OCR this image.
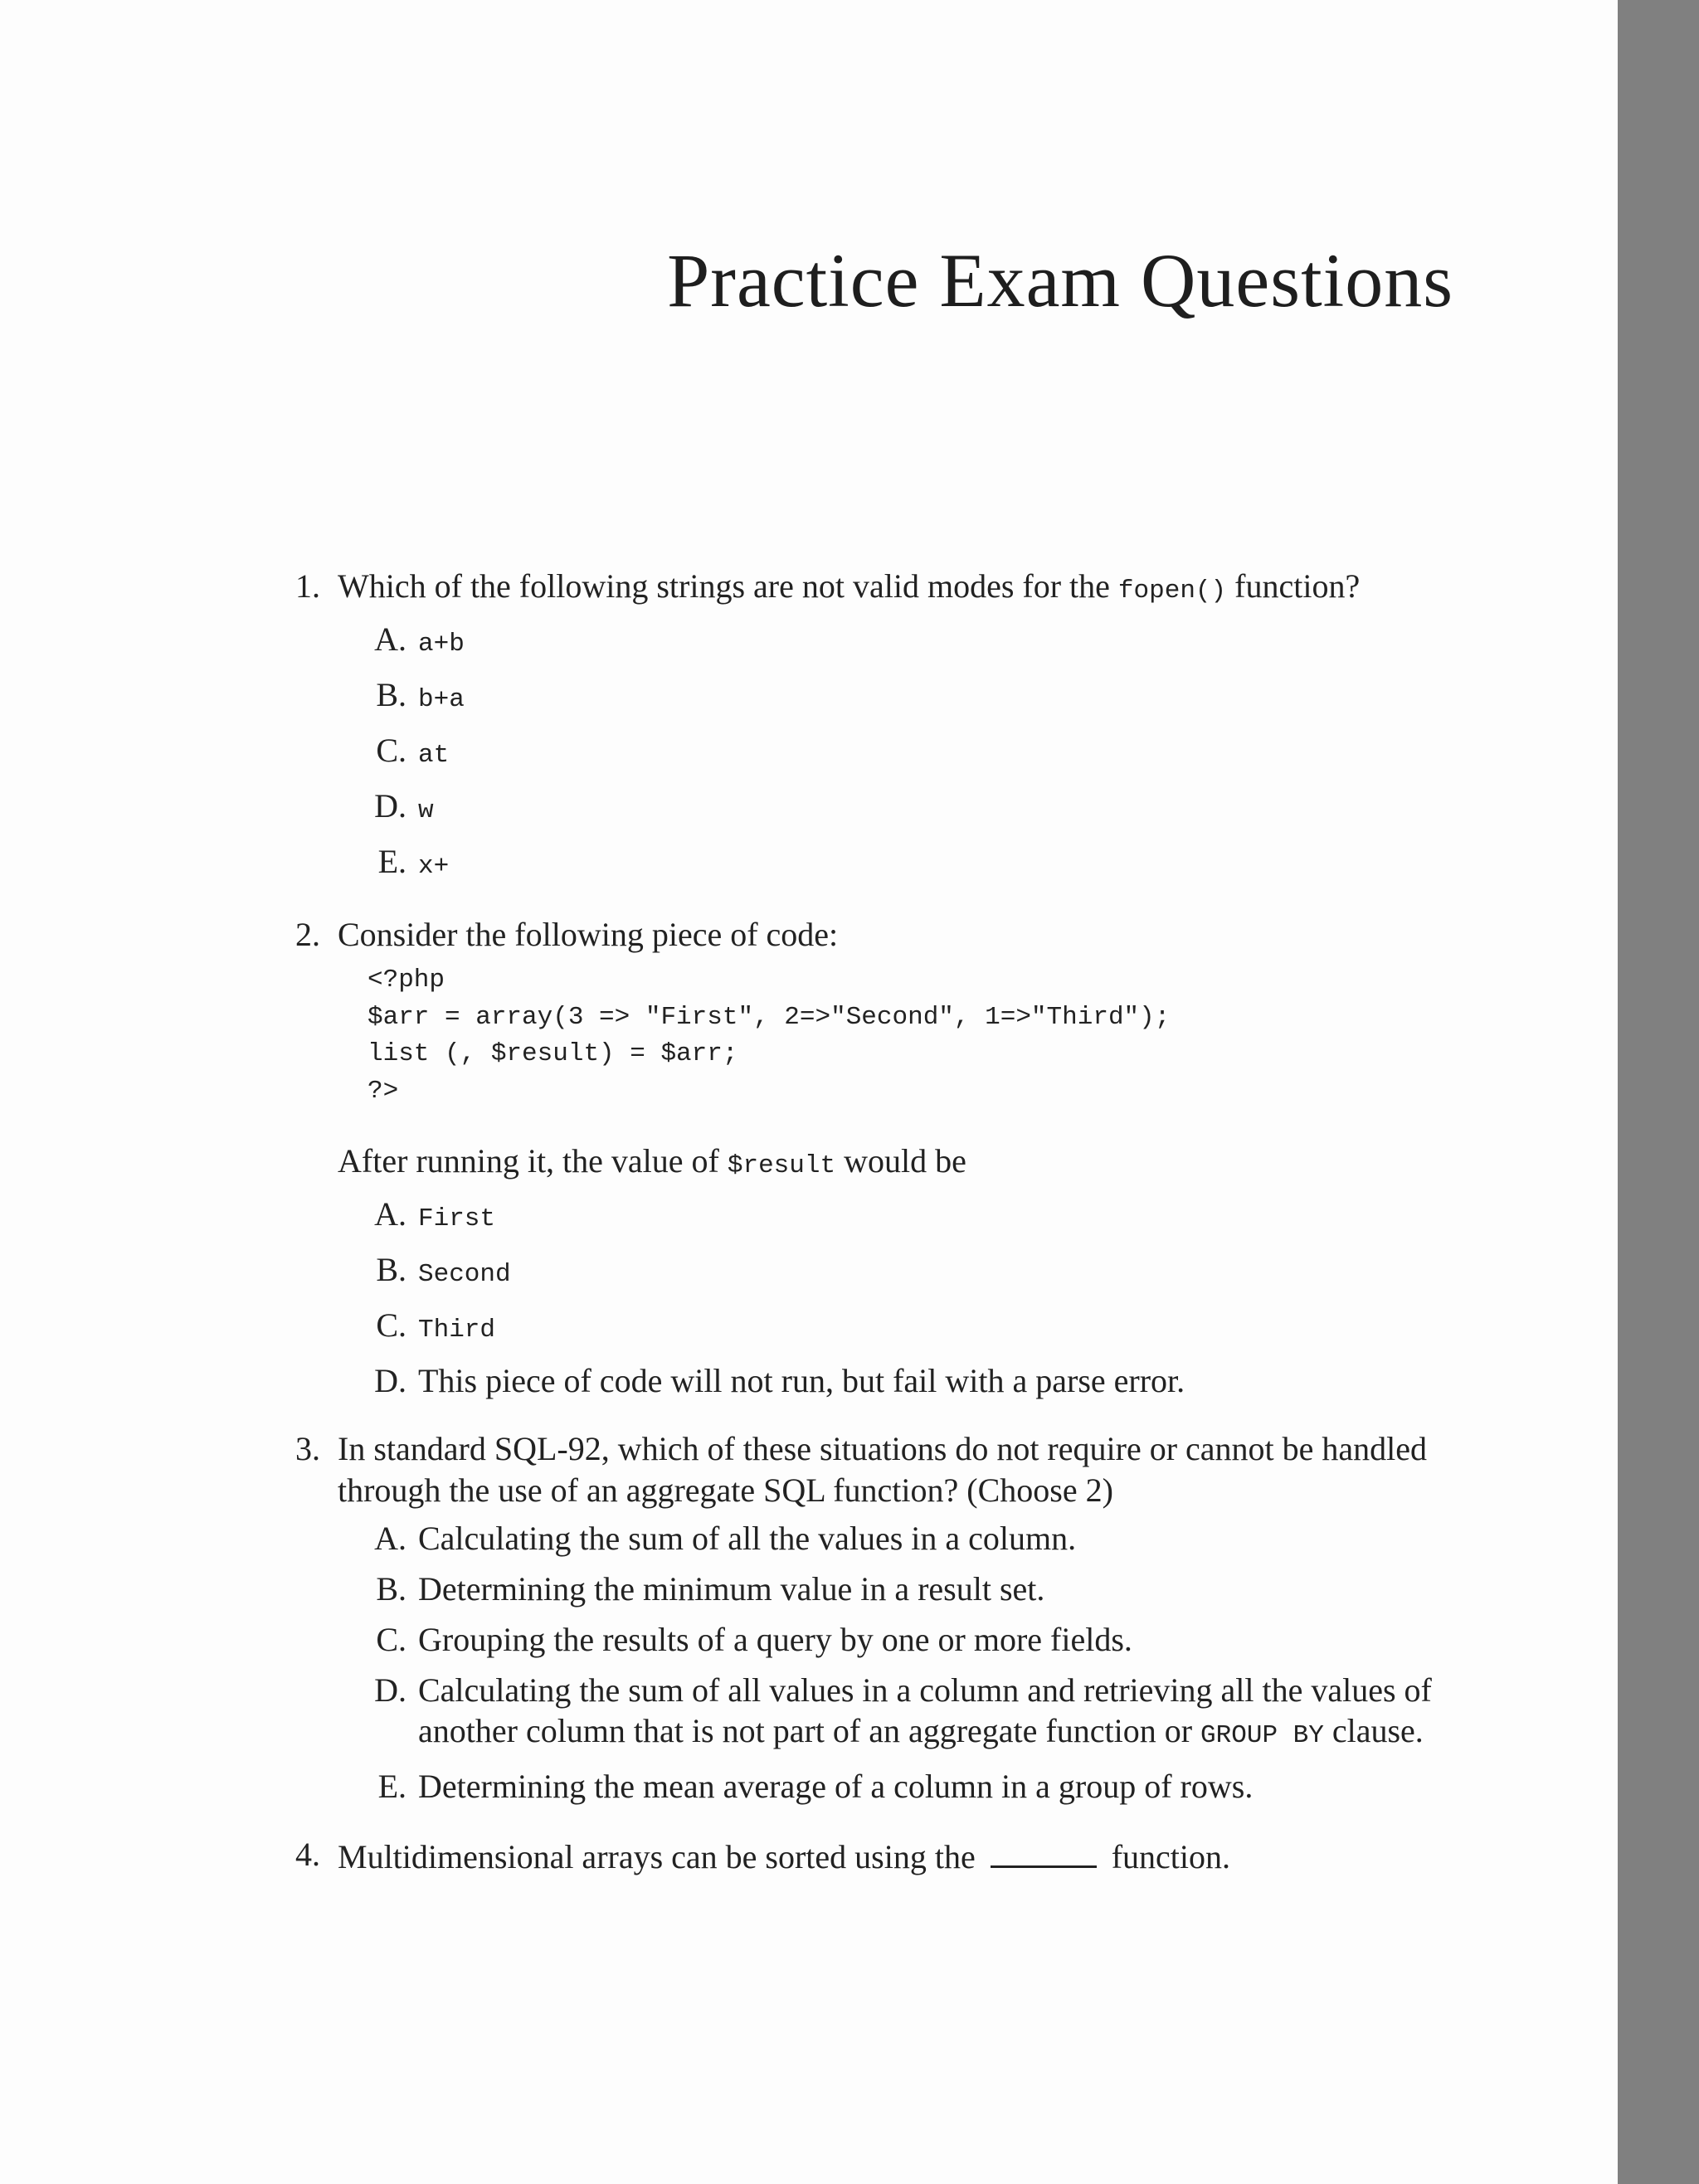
Practice Exam Questions
1. Which of the following strings are not valid modes for the fopen() function?
A. a+b
B. b+a
C. at
D. w
E. x+
2. Consider the following piece of code:
<?php
$arr = array(3 => "First", 2=>"Second", 1=>"Third");
list (, $result) = $arr;
?>
After running it, the value of $result would be
A. First
B. Second
C. Third
D. This piece of code will not run, but fail with a parse error.
3. In standard SQL-92, which of these situations do not require or cannot be handled through the use of an aggregate SQL function? (Choose 2)
A. Calculating the sum of all the values in a column.
B. Determining the minimum value in a result set.
C. Grouping the results of a query by one or more fields.
D. Calculating the sum of all values in a column and retrieving all the values of another column that is not part of an aggregate function or GROUP BY clause.
E. Determining the mean average of a column in a group of rows.
4. Multidimensional arrays can be sorted using the	function.
